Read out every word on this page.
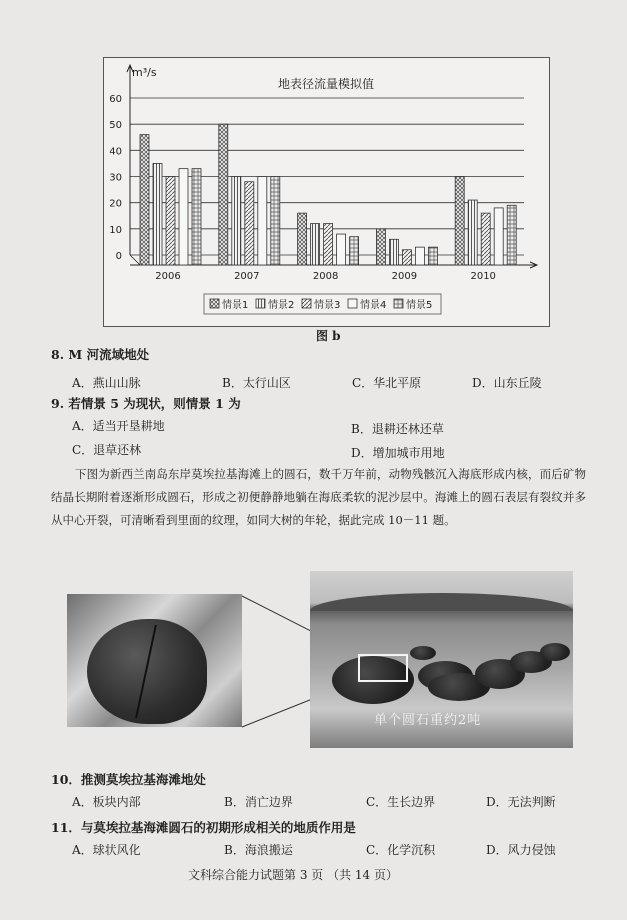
地表径流量模拟值
m³/s
0
10
20
30
40
50
60
2006	2007	2008	2009	2010
情景1 情景2 情景3 情景4 情景5
图 b
8. M 河流域地处
A．燕山山脉	B．太行山区	C．华北平原	D．山东丘陵
9. 若情景 5 为现状，则情景 1 为
A．适当开垦耕地	B．退耕还林还草
C．退草还林	D．增加城市用地
下图为新西兰南岛东岸莫埃拉基海滩上的圆石，数千万年前，动物残骸沉入海底形成内核，而后矿物结晶长期附着逐渐形成圆石，形成之初便静静地躺在海底柔软的泥沙层中。海滩上的圆石表层有裂纹并多从中心开裂，可清晰看到里面的纹理，如同大树的年轮，据此完成 10－11 题。
单个圆石重约2吨
10．推测莫埃拉基海滩地处
A．板块内部	B．消亡边界	C．生长边界	D．无法判断
11．与莫埃拉基海滩圆石的初期形成相关的地质作用是
A．球状风化	B．海浪搬运	C．化学沉积	D．风力侵蚀
文科综合能力试题第 3 页 （共 14 页）
